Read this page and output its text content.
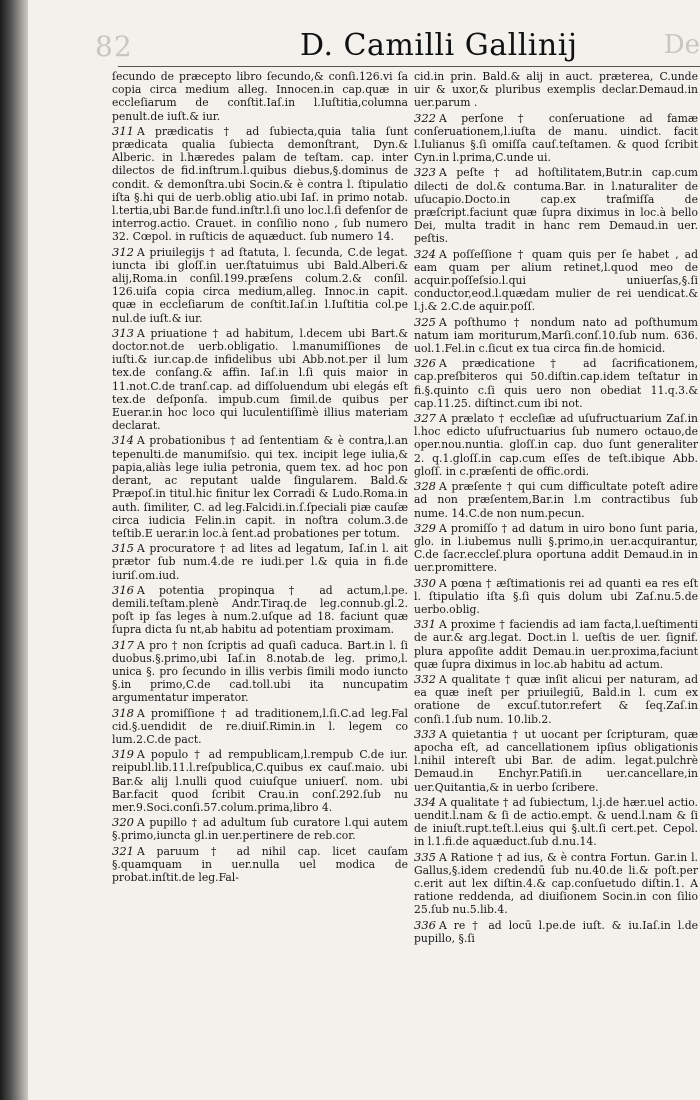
82	D. Camilli Gallinij	De

ſecundo de præcepto libro ſecundo,& conſi.126.vi ſa copia circa medium alleg. Innocen.in cap.quæ in eccleſiarum de conſtit.Iaſ.in l.Iuſtitia,columna penult.de iuſt.& iur.

311 A prædicatis † ad ſubiecta,quia talia ſunt prædicata qualia ſubiecta demonſtrant, Dyn.& Alberic. in l.hæredes palam de teſtam. cap. inter dilectos de fid.inſtrum.l.quibus diebus,§.dominus de condit. & demonſtra.ubi Socin.& è contra l. ſtipulatio iſta §.hi qui de uerb.oblig atio.ubi Iaſ. in primo notab. l.tertia,ubi Bar.de fund.inſtr.l.ſi uno loc.l.ſi defenſor de interrog.actio. Crauet. in conſilio nono , ſub numero 32. Cœpol. in ruſticis de aquæduct. ſub numero 14.

312 A priuilegijs † ad ſtatuta, l. ſecunda, C.de legat. iuncta ibi gloſſ.in uer.ſtatuimus ubi Bald.Alberi.& alij,Roma.in conſil.199.præſens colum.2.& conſil. 126.uiſa copia circa medium,alleg. Innoc.in capit. quæ in eccleſiarum de conſtit.Iaſ.in l.Iuſtitia col.pe nul.de iuſt.& iur.

313 A priuatione † ad habitum, l.decem ubi Bart.& doctor.not.de uerb.obligatio. l.manumiſſiones de iuſti.& iur.cap.de infidelibus ubi Abb.not.per il lum tex.de conſang.& affin. Iaſ.in l.ſi quis maior in 11.not.C.de tranſ.cap. ad diſſoluendum ubi elegás eſt tex.de deſponſa. impub.cum ſimil.de quibus per Euerar.in hoc loco qui luculentiſſimè illius materiam declarat.

314 A probationibus † ad ſententiam & è contra,l.an tepenulti.de manumiſsio. qui tex. incipit lege iulia,& papia,aliàs lege iulia petronia, quem tex. ad hoc pon derant, ac reputant ualde ſingularem. Bald.& Præpoſ.in titul.hic finitur lex Corradi & Ludo.Roma.in auth. ſimiliter, C. ad leg.Falcidi.in.ſ.ſpeciali piæ cauſæ circa iudicia Felin.in capit. in noſtra colum.3.de teſtib.E uerar.in loc.à ſent.ad probationes per totum.

315 A procuratore † ad lites ad legatum, Iaſ.in l. ait prætor ſub num.4.de re iudi.per l.& quia in fi.de iuriſ.om.iud.

316 A potentia propinqua † ad actum,l.pe. demili.teſtam.plenè Andr.Tiraq.de leg.connub.gl.2. poſt ip ſas leges à num.2.uſque ad 18. faciunt quæ ſupra dicta ſu nt,ab habitu ad potentiam proximam.

317 A pro † non ſcriptis ad quaſi caduca. Bart.in l. ſi duobus.§.primo,ubi Iaſ.in 8.notab.de leg. primo,l. unica §. pro ſecundo in illis verbis ſimili modo iuncto §.in primo,C.de cad.toll.ubi ita nuncupatim argumentatur imperator.

318 A promiſſione † ad traditionem,l.ſi.C.ad leg.Fal cid.§.uendidit de re.diuiſ.Rimin.in l. legem co lum.2.C.de pact.

319 A populo † ad rempublicam,l.rempub C.de iur. reipubl.lib.11.l.reſpublica,C.quibus ex cauſ.maio. ubi Bar.& alij l.nulli quod cuiuſque uniuerſ. nom. ubi Bar.facit quod ſcribit Crau.in conſ.292.ſub nu mer.9.Soci.conſi.57.colum.prima,libro 4.

320 A pupillo † ad adultum ſub curatore l.qui autem §.primo,iuncta gl.in uer.pertinere de reb.cor.

321 A paruum † ad nihil cap. licet cauſam §.quamquam in uer.nulla uel modica de probat.inſtit.de leg.Fal-

cid.in prin. Bald.& alij in auct. præterea, C.unde uir & uxor,& pluribus exemplis declar.Demaud.in uer.parum .

322 A perſone † conſeruatione ad famæ conſeruationem,l.iuſta de manu. uindict. facit l.Iulianus §.ſi omiſſa cauſ.teſtamen. & quod ſcribit Cyn.in l.prima,C.unde ui.

323 A peſte † ad hoſtilitatem,Butr.in cap.cum dilecti de dol.& contuma.Bar. in l.naturaliter de uſucapio.Docto.in cap.ex traſmiſſa de præſcript.faciunt quæ ſupra diximus in loc.à bello Dei, multa tradit in hanc rem Demaud.in uer. peſtis.

324 A poſſeſſione † quam quis per ſe habet , ad eam quam per alium retinet,l.quod meo de acquir.poſſeſsio.l.qui uniuerſas,§.ſi conductor,eod.l.quædam mulier de rei uendicat.& l.j.& 2.C.de aquir.poſſ.

325 A poſthumo † nondum nato ad poſthumum natum iam moriturum,Marſi.conſ.10.ſub num. 636. uol.1.Fel.in c.ſicut ex tua circa fin.de homicid.

326 A prædicatione † ad ſacrificationem, cap.preſbiteros qui 50.diſtin.cap.idem teſtatur in fi.§.quinto c.ſi quis uero non obediat 11.q.3.& cap.11.25. diſtinct.cum ibi not.

327 A prælato † eccleſiæ ad uſufructuarium Zaſ.in l.hoc edicto uſufructuarius ſub numero octauo,de oper.nou.nuntia. gloſſ.in cap. duo ſunt generaliter 2. q.1.gloſſ.in cap.cum eſſes de teſt.ibique Abb. gloſſ. in c.præſenti de offic.ordi.

328 A præſente † qui cum difficultate poteſt adire ad non præſentem,Bar.in l.m contractibus ſub nume. 14.C.de non num.pecun.

329 A promiſſo † ad datum in uiro bono ſunt paria, glo. in l.iubemus nulli §.primo,in uer.acquirantur, C.de ſacr.eccleſ.plura oportuna addit Demaud.in in uer.promittere.

330 A pœna † æſtimationis rei ad quanti ea res eſt l. ſtipulatio iſta §.ſi quis dolum ubi Zaſ.nu.5.de uerbo.oblig.

331 A proxime † faciendis ad iam facta,l.ueſtimenti de aur.& arg.legat. Doct.in l. ueſtis de uer. ſignif. plura appoſite addit Demau.in uer.proxima,faciunt quæ ſupra diximus in loc.ab habitu ad actum.

332 A qualitate † quæ inſit alicui per naturam, ad ea quæ ineſt per priuilegiū, Bald.in l. cum ex oratione de excuſ.tutor.refert & ſeq.Zaſ.in conſi.1.ſub num. 10.lib.2.

333 A quietantia † ut uocant per ſcripturam, quæ apocha eſt, ad cancellationem ipſius obligationis l.nihil intereſt ubi Bar. de adim. legat.pulchrè Demaud.in Enchyr.Patiſi.in uer.cancellare,in uer.Quitantia,& in uerbo ſcribere.

334 A qualitate † ad ſubiectum, l.j.de hær.uel actio. uendit.l.nam & ſi de actio.empt. & uend.l.nam & ſi de iniuſt.rupt.teſt.l.eius qui §.ult.ſi cert.pet. Cepol. in l.1.fi.de aquæduct.ſub d.nu.14.

335 A Ratione † ad ius, & è contra Fortun. Gar.in l. Gallus,§.idem credendū ſub nu.40.de li.& poſt.per c.erit aut lex diſtin.4.& cap.conſuetudo diſtin.1. A ratione reddenda, ad diuiſionem Socin.in con ſilio 25.ſub nu.5.lib.4.

336 A re † ad locū l.pe.de iuſt. & iu.Iaſ.in l.de pupillo, §.ſi
